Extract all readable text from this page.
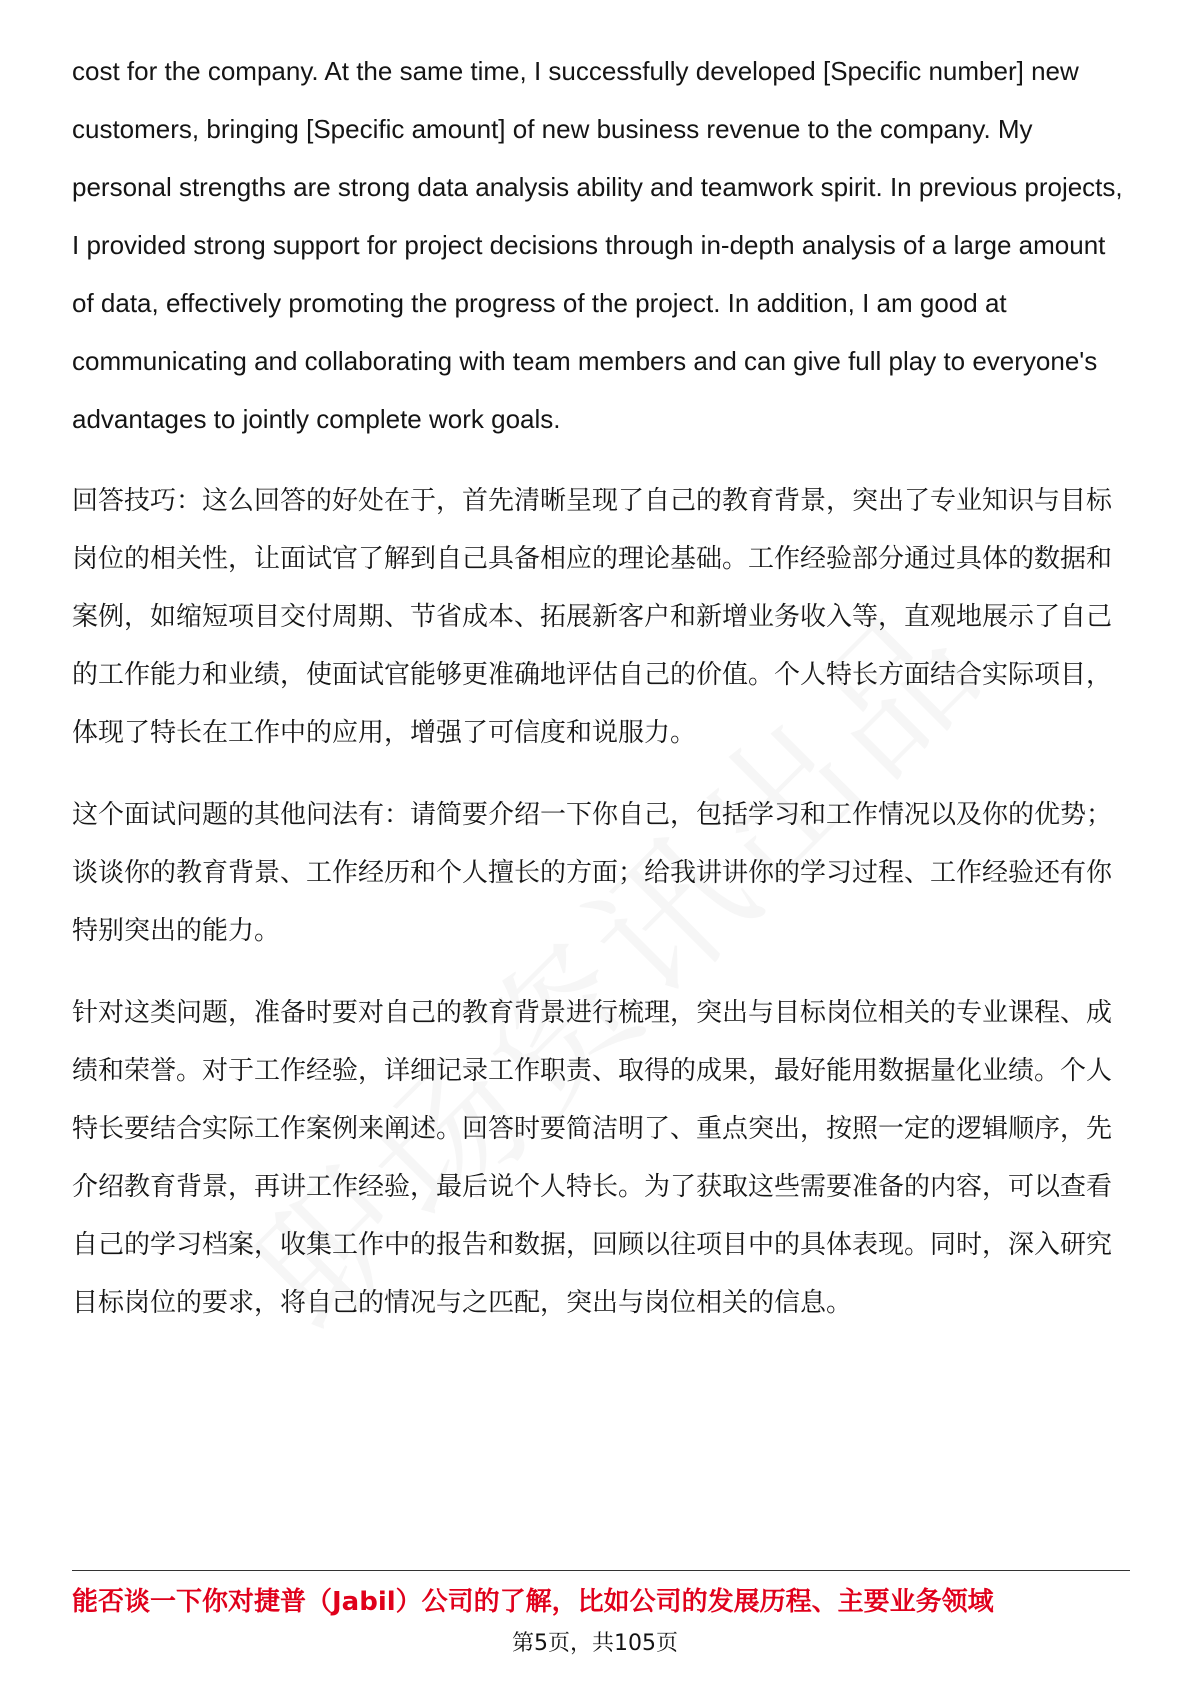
cost for the company. At the same time, I successfully developed [Specific number] new customers, bringing [Specific amount] of new business revenue to the company. My personal strengths are strong data analysis ability and teamwork spirit. In previous projects, I provided strong support for project decisions through in-depth analysis of a large amount of data, effectively promoting the progress of the project. In addition, I am good at communicating and collaborating with team members and can give full play to everyone's advantages to jointly complete work goals.

回答技巧：这么回答的好处在于，首先清晰呈现了自己的教育背景，突出了专业知识与目标岗位的相关性，让面试官了解到自己具备相应的理论基础。工作经验部分通过具体的数据和案例，如缩短项目交付周期、节省成本、拓展新客户和新增业务收入等，直观地展示了自己的工作能力和业绩，使面试官能够更准确地评估自己的价值。个人特长方面结合实际项目，体现了特长在工作中的应用，增强了可信度和说服力。

这个面试问题的其他问法有：请简要介绍一下你自己，包括学习和工作情况以及你的优势；谈谈你的教育背景、工作经历和个人擅长的方面；给我讲讲你的学习过程、工作经验还有你特别突出的能力。

针对这类问题，准备时要对自己的教育背景进行梳理，突出与目标岗位相关的专业课程、成绩和荣誉。对于工作经验，详细记录工作职责、取得的成果，最好能用数据量化业绩。个人特长要结合实际工作案例来阐述。回答时要简洁明了、重点突出，按照一定的逻辑顺序，先介绍教育背景，再讲工作经验，最后说个人特长。为了获取这些需要准备的内容，可以查看自己的学习档案，收集工作中的报告和数据，回顾以往项目中的具体表现。同时，深入研究目标岗位的要求，将自己的情况与之匹配，突出与岗位相关的信息。

能否谈一下你对捷普（Jabil）公司的了解，比如公司的发展历程、主要业务领域
第5页，共105页
